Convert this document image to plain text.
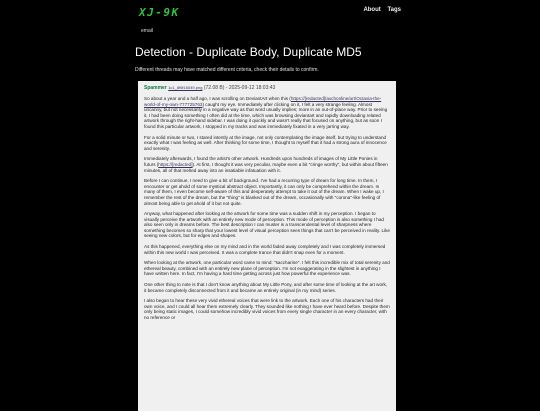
XJ-9K
email
About Tags
Detection - Duplicate Body, Duplicate MD5
Different threads may have matched different criteria, check their details to confirm.
Spammer 1c1_8f6f16049.png (72.08 B) - 2025-09-12 18:03:43

So about a year and a half ago, I was scrolling on DeviantArt when this (https://[redacted]/avchonline/art/Octavia-the-world-of-my-own-777725763) caught my eye. Immediately after clicking on it, I felt a very strange feeling. Almost uncanny, but not necessarily in a negative way as that word usually implies; more in an out-of-place way. Prior to seeing it, I had been doing something I often did at the time, which was browsing deviantart and rapidly downloading related artwork through the right-hand sidebar. I was doing it quickly and wasn't really that focused on anything, but as soon I found this particular artwork, I stopped in my tracks and was immediately fixated in a very jarring way.

For a solid minute or two, I stared intently at the image, not only contemplating the image itself, but trying to understand exactly what I was feeling as well. After thinking for some time, I thought to myself that it had a strong aura of innocence and serenity.

Immediately afterwards, I found the artist's other artwork. Hundreds upon hundreds of images of My Little Ponies in futurs (https://[redacted]). At first, I thought it was very peculiar, maybe even a bit "cringe worthy", but within about fifteen minutes, all of that melted away into an insatiable infatuation with it.

Before I can continue, I need to give a bit of background. I've had a recurring type of dream for long time. In them, I encounter or get ahold of some mystical abstract object. Importantly, it can only be comprehend within the dream. In many of them, I even become self-aware of this and desperately attempt to take it out of the dream. When I wake up, I remember the rest of the dream, but the "thing" is blanked out of the dream, occasionally with "corona"-like feeling of almost being able to get ahold of it but not quite.

Anyway, what happened after looking at the artwork for some time was a sudden shift in my perception. I began to visually perceive the artwork with an entirely new mode of perception. This mode of perception is also something I had also seen only in dreams before. The best description I can muster is a transcendental level of sharpness where something becomes so sharp that your lowest level of visual perception sees things that can't be perceived in reality. Like seeing new colors, but for edges and shapes.

As this happened, everything else on my mind and in the world faded away completely and I was completely immersed within this new world I was perceived. It was a complete trance that didn't snap even for a moment.

When looking at the artwork, one particular word came to mind: "saccharine". I felt this incredible mix of total serenity and ethereal beauty, combined with an entirely new plane of perception. I'm not exaggerating in the slightest in anything I have written here. In fact, I'm having a hard time getting across just how powerful the experience was.

One other thing to note is that I don't know anything about My Little Pony, and after some time of looking at the art work, it became completely disconnected from it and became an entirely original (in my mind) series.

I also began to hear these very vivid ethereal voices that were link to the artwork. Each one of his characters had their own voice, and I could all hear them extremely clearly. They sounded like nothing I have ever heard before. Despite them only being static images, I could somehow incredibly vivid voices from every single character in an every character, with no reference or
